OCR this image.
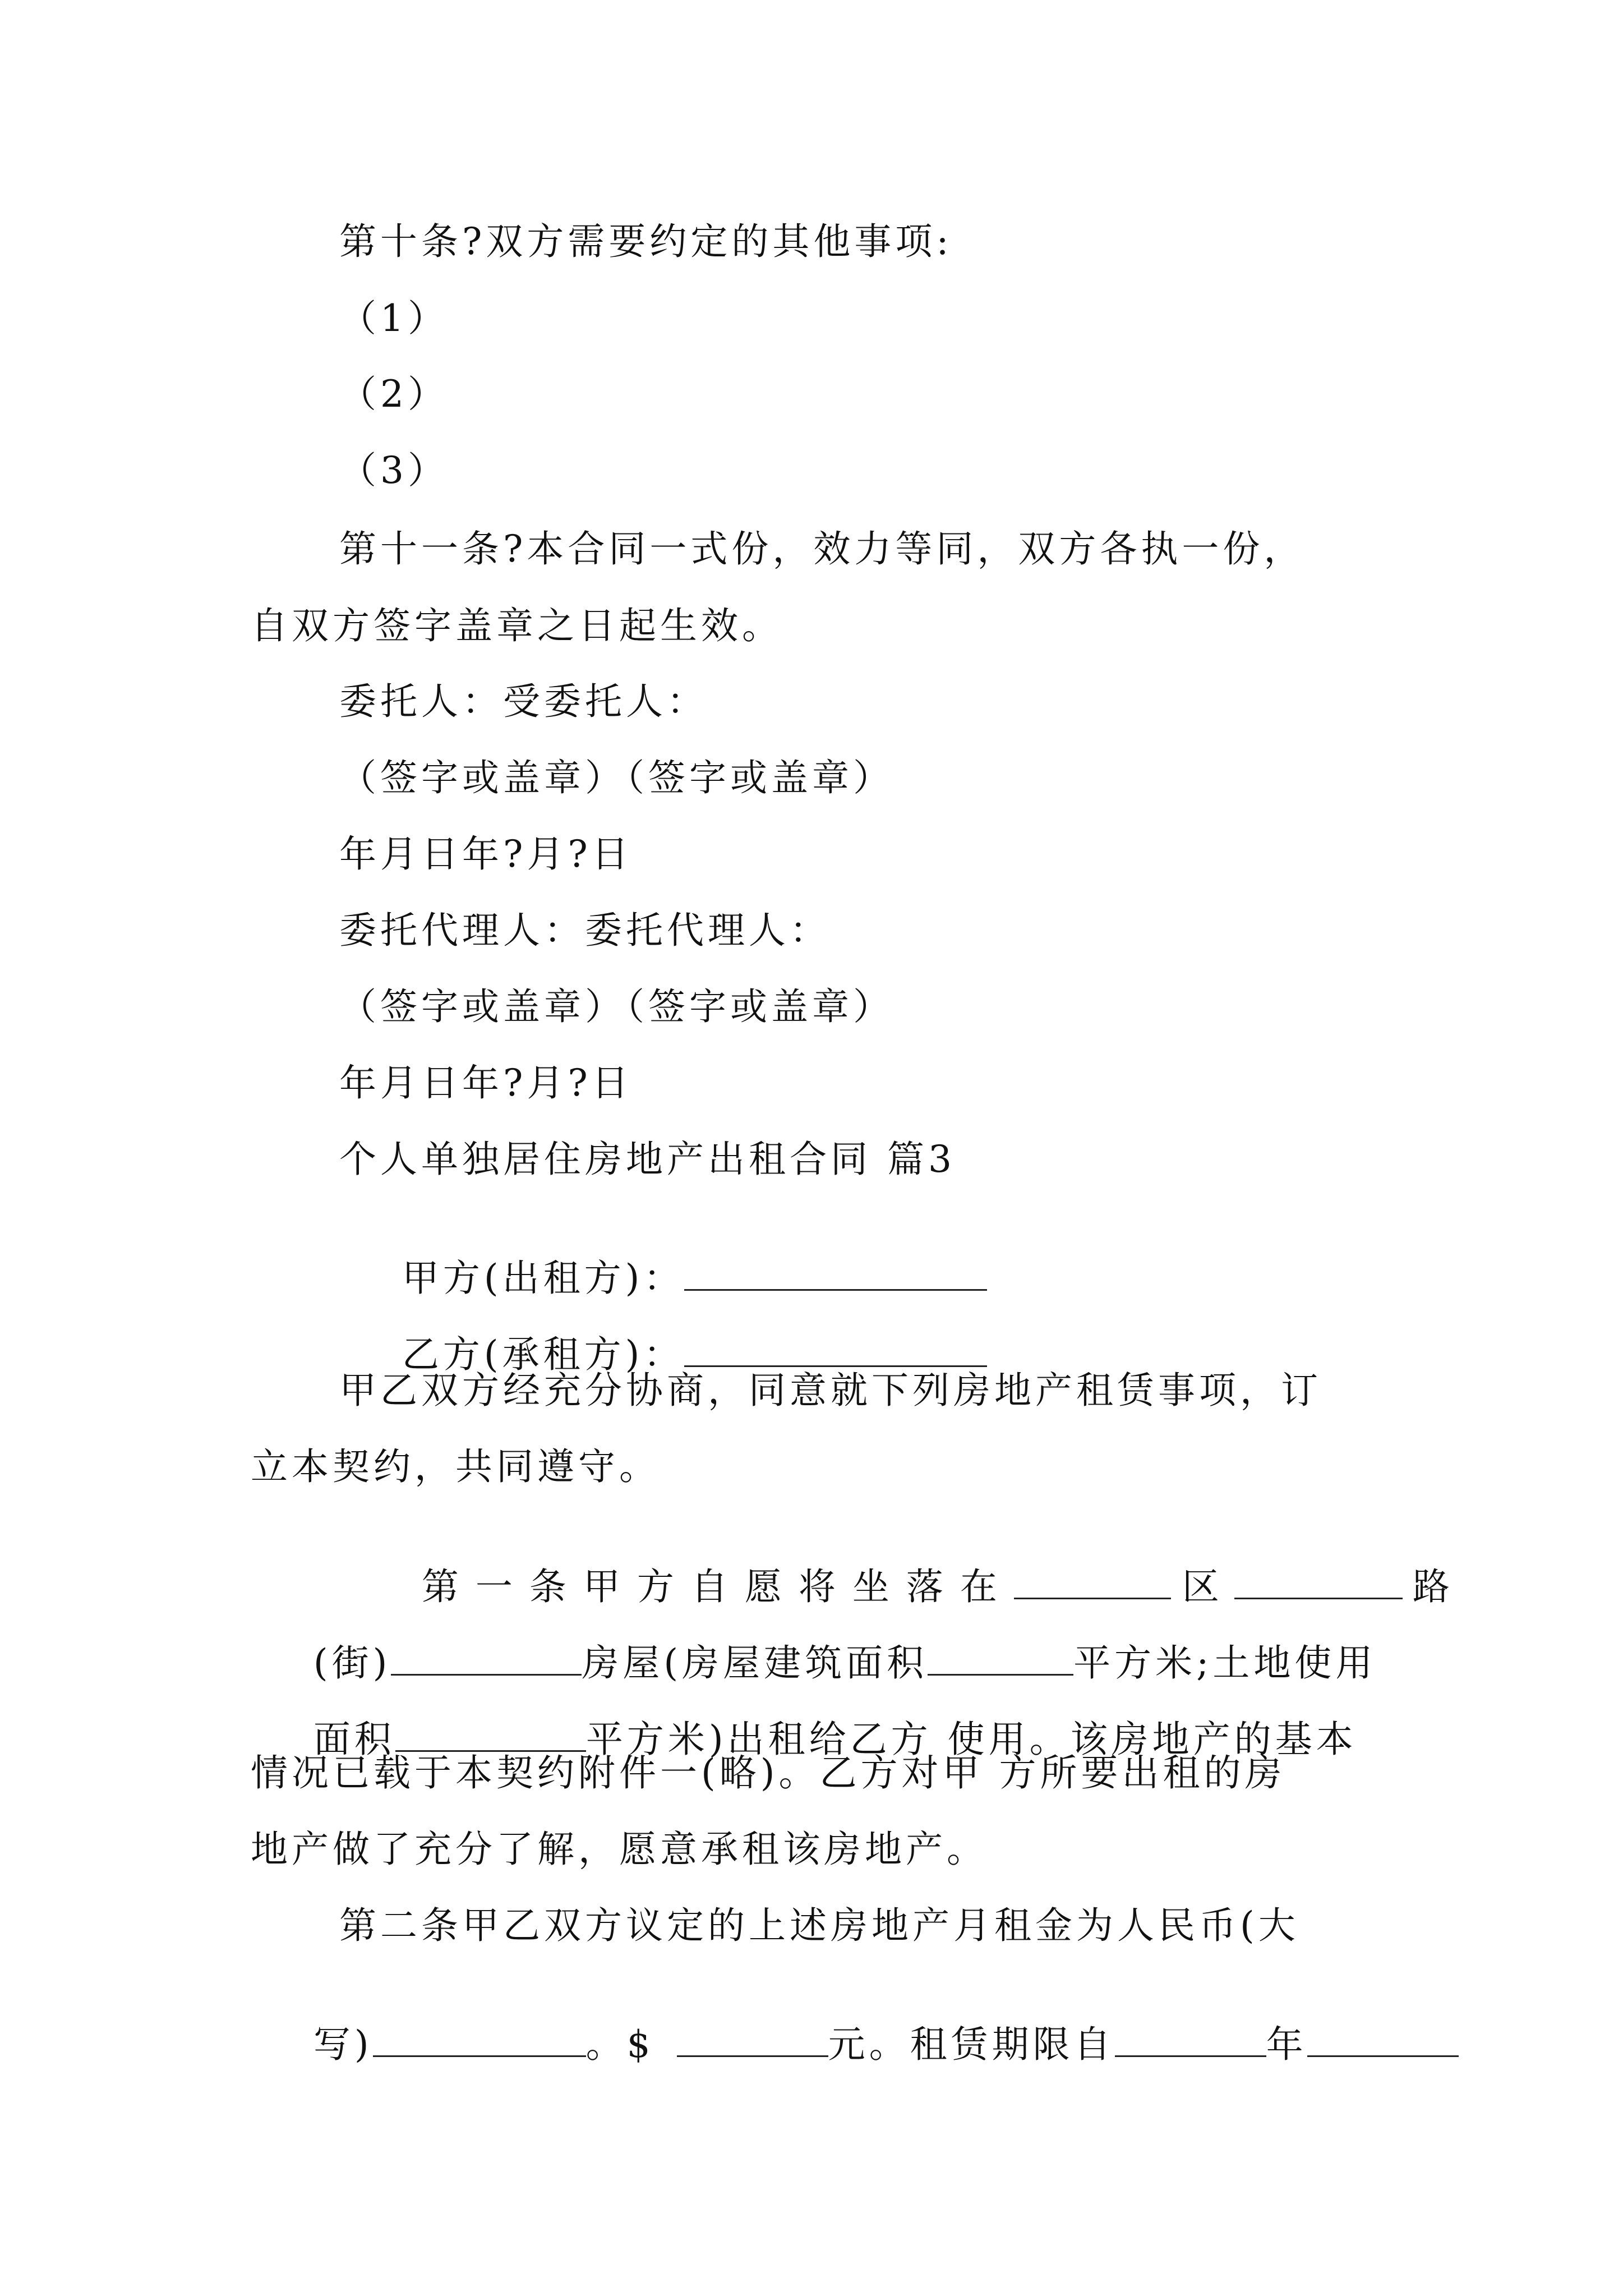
第十条?双方需要约定的其他事项:
（1）
（2）
（3）
第十一条?本合同一式份，效力等同，双方各执一份，
自双方签字盖章之日起生效。
委托人：受委托人：
（签字或盖章）（签字或盖章）
年月日年?月?日
委托代理人：委托代理人：
（签字或盖章）（签字或盖章）
年月日年?月?日
个人单独居住房地产出租合同 篇3

甲方(出租方)：

乙方(承租方)：

甲乙双方经充分协商，同意就下列房地产租赁事项，订
立本契约，共同遵守。

第一条甲方自愿将坐落在	区	路

(街)	房屋(房屋建筑面积	平方米;土地使用

面积	平方米)出租给乙方 使用。该房地产的基本

情况已载于本契约附件一(略)。乙方对甲 方所要出租的房
地产做了充分了解，愿意承租该房地产。
第二条甲乙双方议定的上述房地产月租金为人民币(大

写)	。$	元。租赁期限自	年
